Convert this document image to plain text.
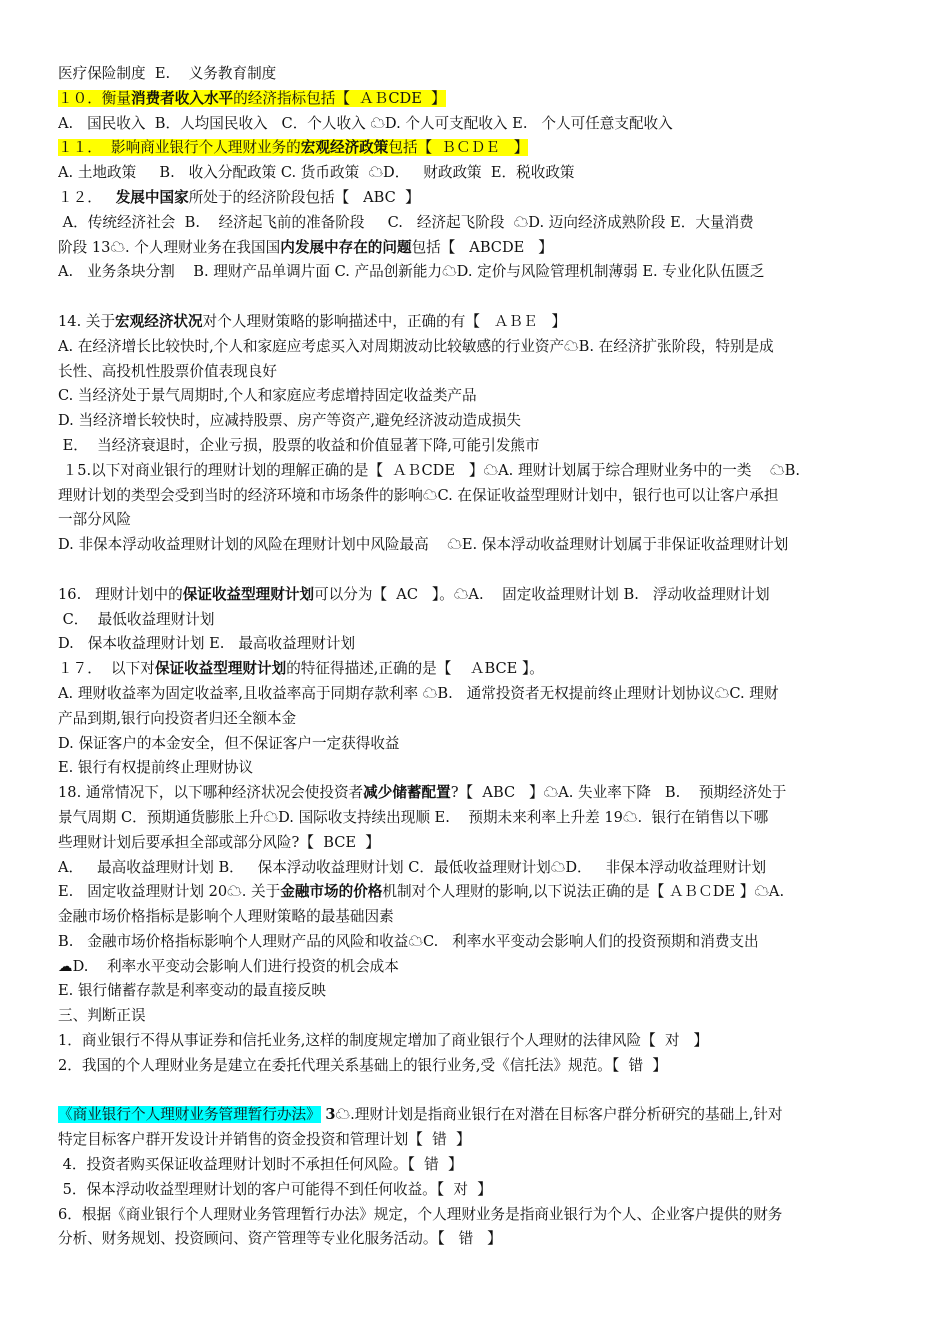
医疗保险制度  E.    义务教育制度
１０．衡量消费者收入水平的经济指标包括【  ＡＢCDE  】
A.   国民收入  B．人均国民收入   C．个人收入 ☁D. 个人可支配收入 E.   个人可任意支配收入
１１．  影响商业银行个人理财业务的宏观经济政策包括【  ＢＣＤＥ   】
A. 土地政策     B.   收入分配政策 C. 货币政策  ☁D．   财政政策  E．税收政策
１２．   发展中国家所处于的经济阶段包括【   ABC  】
A．传统经济社会  B.    经济起飞前的准备阶段     C.   经济起飞阶段  ☁D. 迈向经济成熟阶段 E．大量消费
阶段 13☁. 个人理财业务在我国国内发展中存在的问题包括【   ABCDE   】
A.   业务条块分割    B. 理财产品单调片面 C. 产品创新能力☁D. 定价与风险管理机制薄弱 E. 专业化队伍匮乏
14. 关于宏观经济状况对个人理财策略的影响描述中，正确的有【   ＡＢＥ   】
A. 在经济增长比较快时,个人和家庭应考虑买入对周期波动比较敏感的行业资产☁B. 在经济扩张阶段，特别是成
长性、高投机性股票价值表现良好
C. 当经济处于景气周期时,个人和家庭应考虑增持固定收益类产品
D. 当经济增长较快时，应减持股票、房产等资产,避免经济波动造成损失
E．  当经济衰退时，企业亏损，股票的收益和价值显著下降,可能引发熊市
１5.以下对商业银行的理财计划的理解正确的是【  ＡＢCDE   】☁A. 理财计划属于综合理财业务中的一类    ☁B.
理财计划的类型会受到当时的经济环境和市场条件的影响☁C. 在保证收益型理财计划中，银行也可以让客户承担
一部分风险
D. 非保本浮动收益理财计划的风险在理财计划中风险最高    ☁E. 保本浮动收益理财计划属于非保证收益理财计划
16.   理财计划中的保证收益型理财计划可以分为【  AC   】。☁A.    固定收益理财计划 B.   浮动收益理财计划
C．  最低收益理财计划
D.   保本收益理财计划 E.   最高收益理财计划
１７．  以下对保证收益型理财计划的特征得描述,正确的是【    ＡBCE 】。
A. 理财收益率为固定收益率,且收益率高于同期存款利率 ☁B.   通常投资者无权提前终止理财计划协议☁C. 理财
产品到期,银行向投资者归还全额本金
D. 保证客户的本金安全，但不保证客户一定获得收益
E. 银行有权提前终止理财协议
18. 通常情况下，以下哪种经济状况会使投资者减少储蓄配置?【  ABC   】☁A. 失业率下降   B.    预期经济处于
景气周期 C．预期通货膨胀上升☁D. 国际收支持续出现顺 E.    预期未来利率上升差 19☁.  银行在销售以下哪
些理财计划后要承担全部或部分风险?【  BCE  】
A．   最高收益理财计划 B．   保本浮动收益理财计划 C．最低收益理财计划☁D．   非保本浮动收益理财计划
E.   固定收益理财计划 20☁. 关于金融市场的价格机制对个人理财的影响,以下说法正确的是【 ＡＢＣDE 】☁A.
金融市场价格指标是影响个人理财策略的最基础因素
B.   金融市场价格指标影响个人理财产品的风险和收益☁C.   利率水平变动会影响人们的投资预期和消费支出
☁D.    利率水平变动会影响人们进行投资的机会成本
E. 银行储蓄存款是利率变动的最直接反映
三、判断正误
1．商业银行不得从事证券和信托业务,这样的制度规定增加了商业银行个人理财的法律风险【  对   】
2．我国的个人理财业务是建立在委托代理关系基础上的银行业务,受《信托法》规范。【  错  】
《商业银行个人理财业务管理暂行办法》 3☁.理财计划是指商业银行在对潜在目标客户群分析研究的基础上,针对
特定目标客户群开发设计并销售的资金投资和管理计划【  错  】
4．投资者购买保证收益理财计划时不承担任何风险。【  错  】
5．保本浮动收益型理财计划的客户可能得不到任何收益。【  对  】
6．根据《商业银行个人理财业务管理暂行办法》规定，个人理财业务是指商业银行为个人、企业客户提供的财务
分析、财务规划、投资顾问、资产管理等专业化服务活动。【   错   】
